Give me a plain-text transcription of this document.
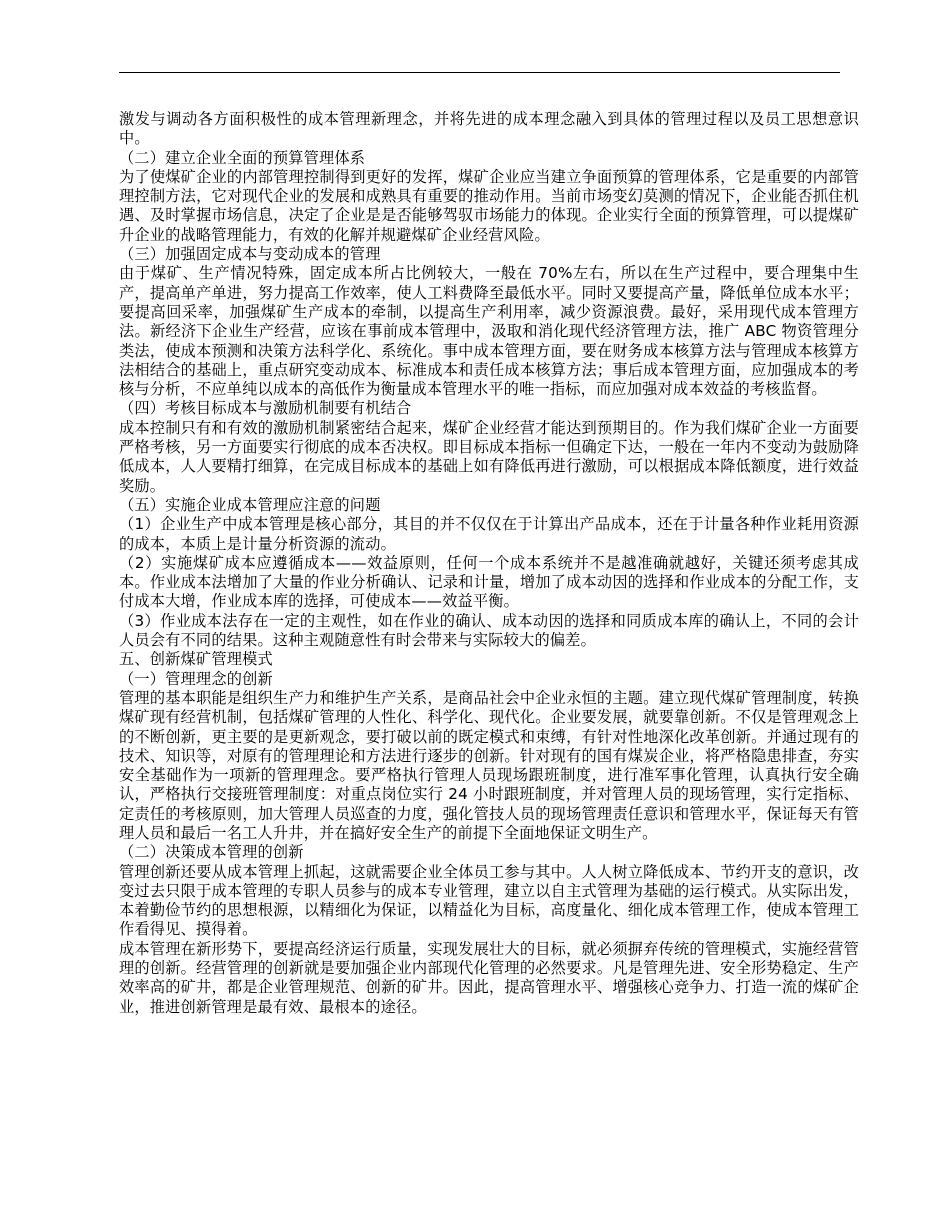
激发与调动各方面积极性的成本管理新理念，并将先进的成本理念融入到具体的管理过程以及员工思想意识中。

（二）建立企业全面的预算管理体系

为了使煤矿企业的内部管理控制得到更好的发挥，煤矿企业应当建立争面预算的管理体系，它是重要的内部管理控制方法，它对现代企业的发展和成熟具有重要的推动作用。当前市场变幻莫测的情况下，企业能否抓住机遇、及时掌握市场信息，决定了企业是是否能够驾驭市场能力的体现。企业实行全面的预算管理，可以提煤矿升企业的战略管理能力，有效的化解并规避煤矿企业经营风险。

（三）加强固定成本与变动成本的管理

由于煤矿、生产情况特殊，固定成本所占比例较大，一般在 70%左右，所以在生产过程中，要合理集中生产，提高单产单进，努力提高工作效率，使人工料费降至最低水平。同时又要提高产量，降低单位成本水平；要提高回采率，加强煤矿生产成本的牵制，以提高生产利用率，减少资源浪费。最好，采用现代成本管理方法。新经济下企业生产经营，应该在事前成本管理中，汲取和消化现代经济管理方法，推广 ABC 物资管理分类法，使成本预测和决策方法科学化、系统化。事中成本管理方面，要在财务成本核算方法与管理成本核算方法相结合的基础上，重点研究变动成本、标准成本和责任成本核算方法；事后成本管理方面，应加强成本的考核与分析，不应单纯以成本的高低作为衡量成本管理水平的唯一指标，而应加强对成本效益的考核监督。

（四）考核目标成本与激励机制要有机结合

成本控制只有和有效的激励机制紧密结合起来，煤矿企业经营才能达到预期目的。作为我们煤矿企业一方面要严格考核，另一方面要实行彻底的成本否决权。即目标成本指标一但确定下达，一般在一年内不变动为鼓励降低成本，人人要精打细算，在完成目标成本的基础上如有降低再进行激励，可以根据成本降低额度，进行效益奖励。

（五）实施企业成本管理应注意的问题

（1）企业生产中成本管理是核心部分，其目的并不仅仅在于计算出产品成本，还在于计量各种作业耗用资源的成本，本质上是计量分析资源的流动。

（2）实施煤矿成本应遵循成本——效益原则，任何一个成本系统并不是越准确就越好，关键还须考虑其成本。作业成本法增加了大量的作业分析确认、记录和计量，增加了成本动因的选择和作业成本的分配工作，支付成本大增，作业成本库的选择，可使成本——效益平衡。

（3）作业成本法存在一定的主观性，如在作业的确认、成本动因的选择和同质成本库的确认上，不同的会计人员会有不同的结果。这种主观随意性有时会带来与实际较大的偏差。

五、创新煤矿管理模式

（一）管理理念的创新

管理的基本职能是组织生产力和维护生产关系，是商品社会中企业永恒的主题。建立现代煤矿管理制度，转换煤矿现有经营机制，包括煤矿管理的人性化、科学化、现代化。企业要发展，就要靠创新。不仅是管理观念上的不断创新，更主要的是更新观念，要打破以前的既定模式和束缚，有针对性地深化改革创新。并通过现有的技术、知识等，对原有的管理理论和方法进行逐步的创新。针对现有的国有煤炭企业，将严格隐患排查，夯实安全基础作为一项新的管理理念。要严格执行管理人员现场跟班制度，进行准军事化管理，认真执行安全确认，严格执行交接班管理制度：对重点岗位实行 24 小时跟班制度，并对管理人员的现场管理，实行定指标、定责任的考核原则，加大管理人员巡查的力度，强化管技人员的现场管理责任意识和管理水平，保证每天有管理人员和最后一名工人升井，并在搞好安全生产的前提下全面地保证文明生产。

（二）决策成本管理的创新

管理创新还要从成本管理上抓起，这就需要企业全体员工参与其中。人人树立降低成本、节约开支的意识，改变过去只限于成本管理的专职人员参与的成本专业管理，建立以自主式管理为基础的运行模式。从实际出发，本着勤俭节约的思想根源，以精细化为保证，以精益化为目标，高度量化、细化成本管理工作，使成本管理工作看得见、摸得着。

成本管理在新形势下，要提高经济运行质量，实现发展壮大的目标，就必须摒弃传统的管理模式，实施经营管理的创新。经营管理的创新就是要加强企业内部现代化管理的必然要求。凡是管理先进、安全形势稳定、生产效率高的矿井，都是企业管理规范、创新的矿井。因此，提高管理水平、增强核心竞争力、打造一流的煤矿企业，推进创新管理是最有效、最根本的途径。
